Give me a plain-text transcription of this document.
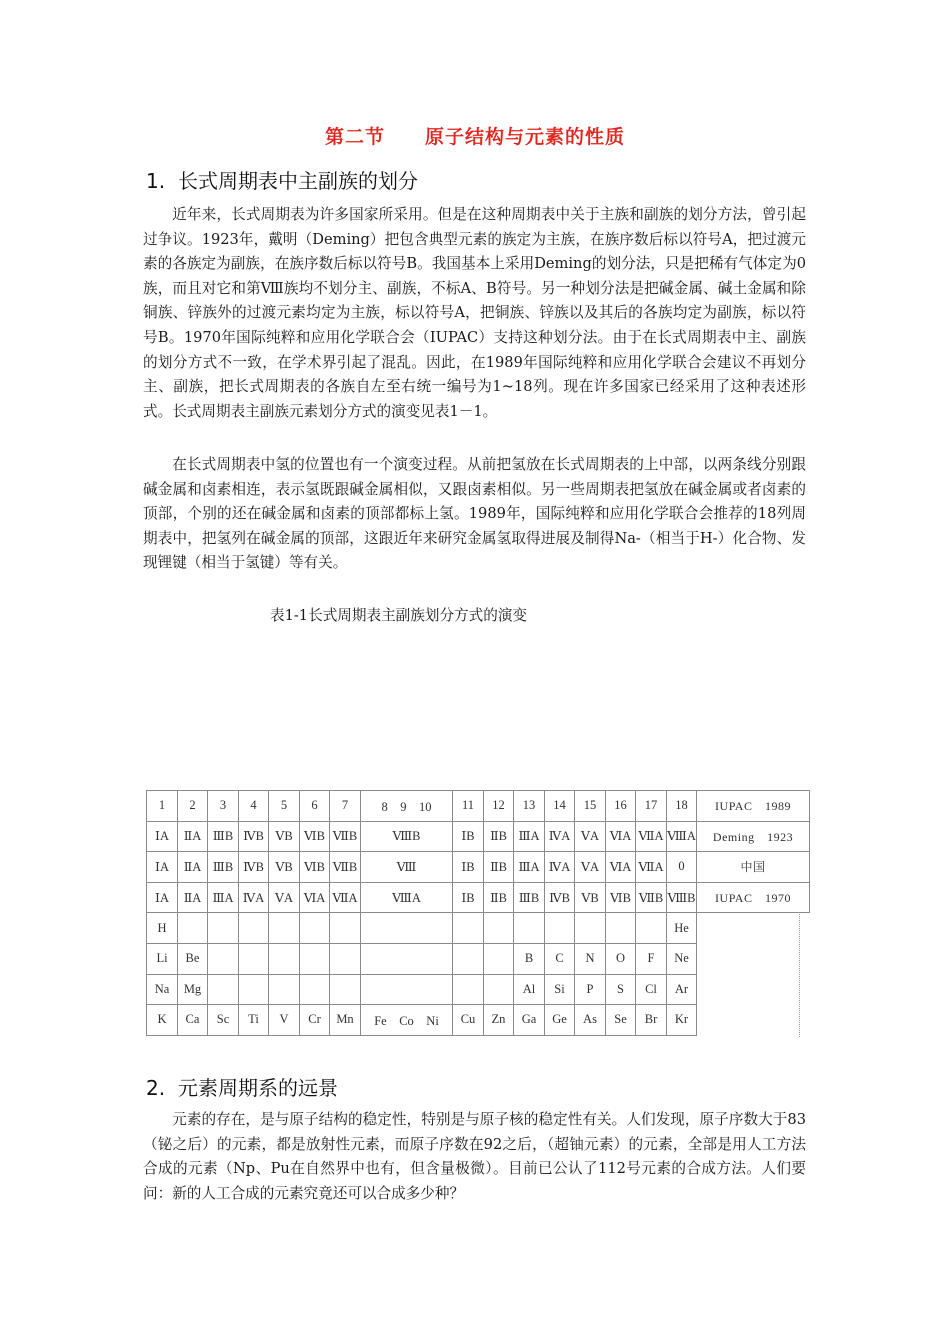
第二节　　原子结构与元素的性质
1. 长式周期表中主副族的划分
近年来，长式周期表为许多国家所采用。但是在这种周期表中关于主族和副族的划分方法，曾引起过争议。1923年，戴明（Deming）把包含典型元素的族定为主族，在族序数后标以符号A，把过渡元素的各族定为副族，在族序数后标以符号B。我国基本上采用Deming的划分法，只是把稀有气体定为0族，而且对它和第Ⅷ族均不划分主、副族，不标A、B符号。另一种划分法是把碱金属、碱土金属和除铜族、锌族外的过渡元素均定为主族，标以符号A，把铜族、锌族以及其后的各族均定为副族，标以符号B。1970年国际纯粹和应用化学联合会（IUPAC）支持这种划分法。由于在长式周期表中主、副族的划分方式不一致，在学术界引起了混乱。因此，在1989年国际纯粹和应用化学联合会建议不再划分主、副族，把长式周期表的各族自左至右统一编号为1~18列。现在许多国家已经采用了这种表述形式。长式周期表主副族元素划分方式的演变见表1－1。
在长式周期表中氢的位置也有一个演变过程。从前把氢放在长式周期表的上中部，以两条线分别跟碱金属和卤素相连，表示氢既跟碱金属相似，又跟卤素相似。另一些周期表把氢放在碱金属或者卤素的顶部，个别的还在碱金属和卤素的顶部都标上氢。1989年，国际纯粹和应用化学联合会推荐的18列周期表中，把氢列在碱金属的顶部，这跟近年来研究金属氢取得进展及制得Na-（相当于H-）化合物、发现锂键（相当于氢键）等有关。
表1-1长式周期表主副族划分方式的演变
1	2	3	4	5	6	7	8　9　10	11	12	13	14	15	16	17	18	IUPAC　1989
ⅠA	ⅡA	ⅢB	ⅣB	ⅤB	ⅥB	ⅦB	ⅧB	ⅠB	ⅡB	ⅢA	ⅣA	ⅤA	ⅥA	ⅦA	ⅧA	Deming　1923
ⅠA	ⅡA	ⅢB	ⅣB	ⅤB	ⅥB	ⅦB	Ⅷ	ⅠB	ⅡB	ⅢA	ⅣA	ⅤA	ⅥA	ⅦA	0	中国
ⅠA	ⅡA	ⅢA	ⅣA	ⅤA	ⅥA	ⅦA	ⅧA	ⅠB	ⅡB	ⅢB	ⅣB	ⅤB	ⅥB	ⅦB	ⅧB	IUPAC　1970
H															He	
Li	Be									B	C	N	O	F	Ne	
Na	Mg									Al	Si	P	S	Cl	Ar	
K	Ca	Sc	Ti	V	Cr	Mn	Fe　Co　Ni	Cu	Zn	Ga	Ge	As	Se	Br	Kr	
2. 元素周期系的远景
元素的存在，是与原子结构的稳定性，特别是与原子核的稳定性有关。人们发现，原子序数大于83（铋之后）的元素，都是放射性元素，而原子序数在92之后，（超铀元素）的元素，全部是用人工方法合成的元素（Np、Pu在自然界中也有，但含量极微）。目前已公认了112号元素的合成方法。人们要问：新的人工合成的元素究竟还可以合成多少种？
